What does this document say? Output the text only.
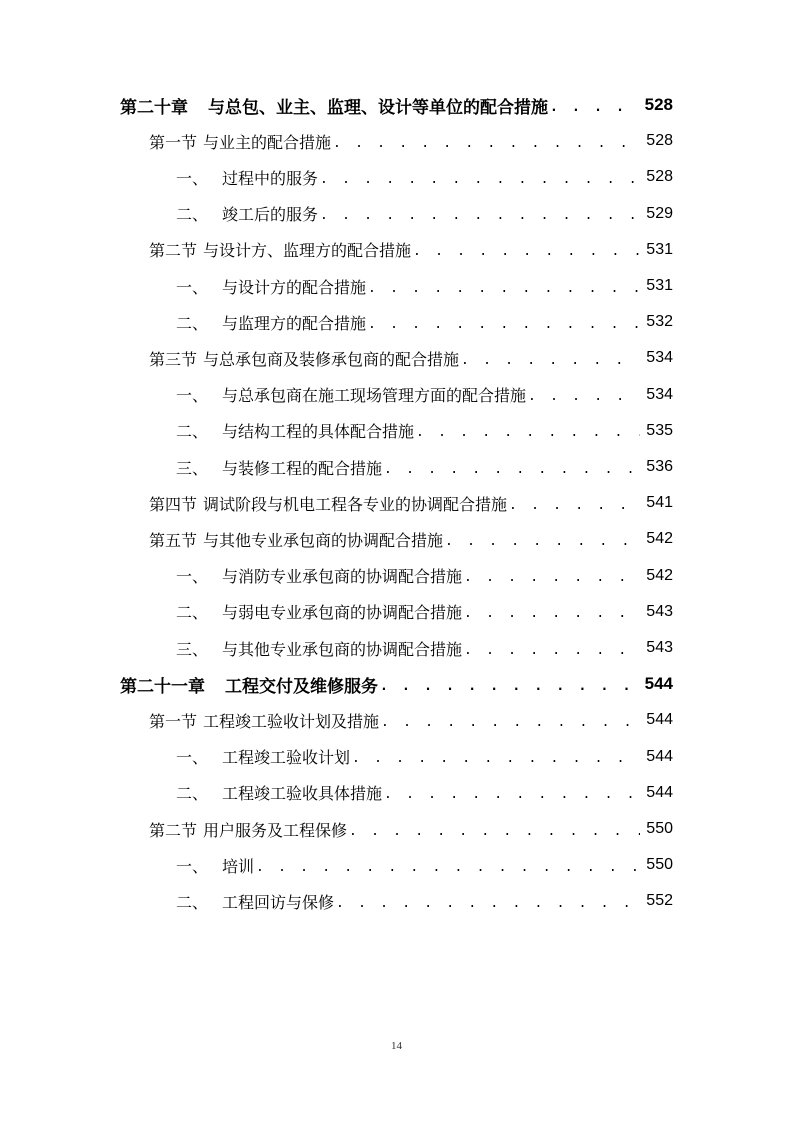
第二十章 与总包、业主、监理、设计等单位的配合措施 . . .	528
第一节 与业主的配合措施 . . .	528
一、 过程中的服务 . . .	528
二、 竣工后的服务 . . .	529
第二节 与设计方、监理方的配合措施 . . .	531
一、 与设计方的配合措施 . . .	531
二、 与监理方的配合措施 . . .	532
第三节 与总承包商及装修承包商的配合措施 . . .	534
一、 与总承包商在施工现场管理方面的配合措施 . . .	534
二、 与结构工程的具体配合措施 . . .	535
三、 与装修工程的配合措施 . . .	536
第四节 调试阶段与机电工程各专业的协调配合措施 . . .	541
第五节 与其他专业承包商的协调配合措施 . . .	542
一、 与消防专业承包商的协调配合措施 . . .	542
二、 与弱电专业承包商的协调配合措施 . . .	543
三、 与其他专业承包商的协调配合措施 . . .	543
第二十一章 工程交付及维修服务 . . .	544
第一节 工程竣工验收计划及措施 . . .	544
一、 工程竣工验收计划 . . .	544
二、 工程竣工验收具体措施 . . .	544
第二节 用户服务及工程保修 . . .	550
一、 培训 . . .	550
二、 工程回访与保修 . . .	552
14
